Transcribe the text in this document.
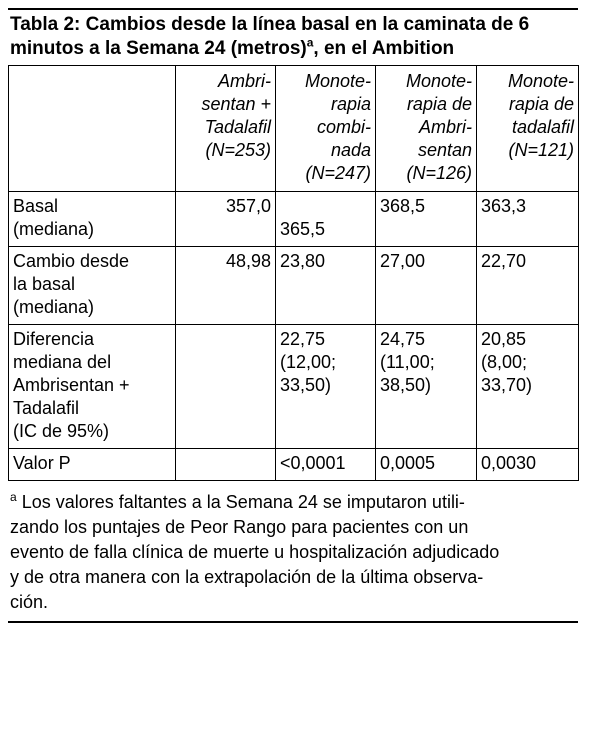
Tabla 2: Cambios desde la línea basal en la caminata de 6
minutos a la Semana 24 (metros)$^a$, en el Ambition
	Ambri-
sentan +
Tadalafil
(N=253)	Monote-
rapia
combi-
nada
(N=247)	Monote-
rapia de
Ambri-
sentan
(N=126)	Monote-
rapia de
tadalafil
(N=121)
Basal
(mediana)	357,0	365,5	368,5	363,3
Cambio desde
la basal
(mediana)	48,98	23,80	27,00	22,70
Diferencia
mediana del
Ambrisentan +
Tadalafil
(IC de 95%)		22,75
(12,00;
33,50)	24,75
(11,00;
38,50)	20,85
(8,00;
33,70)
Valor P		<0,0001	0,0005	0,0030
$^a$ Los valores faltantes a la Semana 24 se imputaron utili-
zando los puntajes de Peor Rango para pacientes con un
evento de falla clínica de muerte u hospitalización adjudicado
y de otra manera con la extrapolación de la última observa-
ción.
